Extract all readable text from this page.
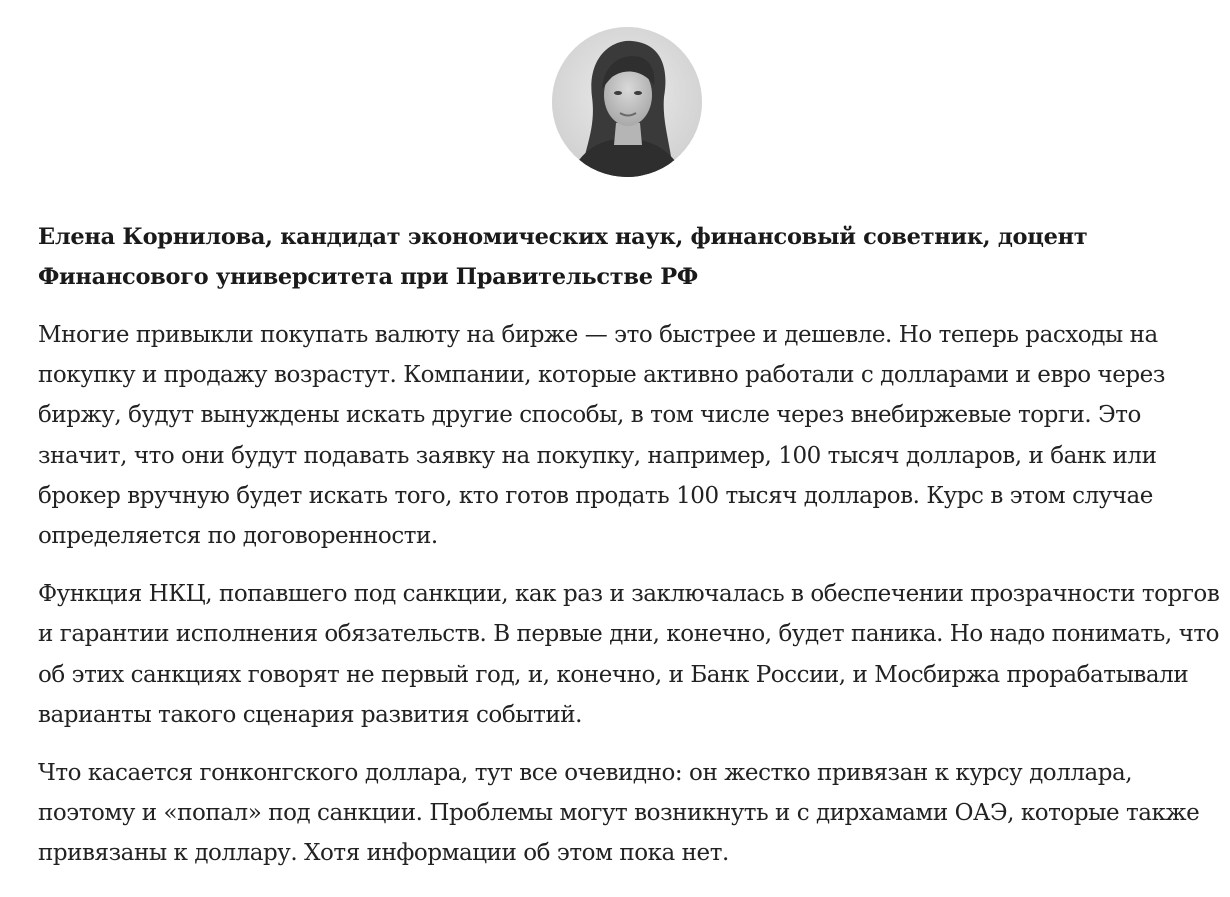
Елена Корнилова, кандидат экономических наук, финансовый советник, доцент Финансового университета при Правительстве РФ

Многие привыкли покупать валюту на бирже — это быстрее и дешевле. Но теперь расходы на покупку и продажу возрастут. Компании, которые активно работали с долларами и евро через биржу, будут вынуждены искать другие способы, в том числе через внебиржевые торги. Это значит, что они будут подавать заявку на покупку, например, 100 тысяч долларов, и банк или брокер вручную будет искать того, кто готов продать 100 тысяч долларов. Курс в этом случае определяется по договоренности.

Функция НКЦ, попавшего под санкции, как раз и заключалась в обеспечении прозрачности торгов и гарантии исполнения обязательств. В первые дни, конечно, будет паника. Но надо понимать, что об этих санкциях говорят не первый год, и, конечно, и Банк России, и Мосбиржа прорабатывали варианты такого сценария развития событий.

Что касается гонконгского доллара, тут все очевидно: он жестко привязан к курсу доллара, поэтому и «попал» под санкции. Проблемы могут возникнуть и с дирхамами ОАЭ, которые также привязаны к доллару. Хотя информации об этом пока нет.
